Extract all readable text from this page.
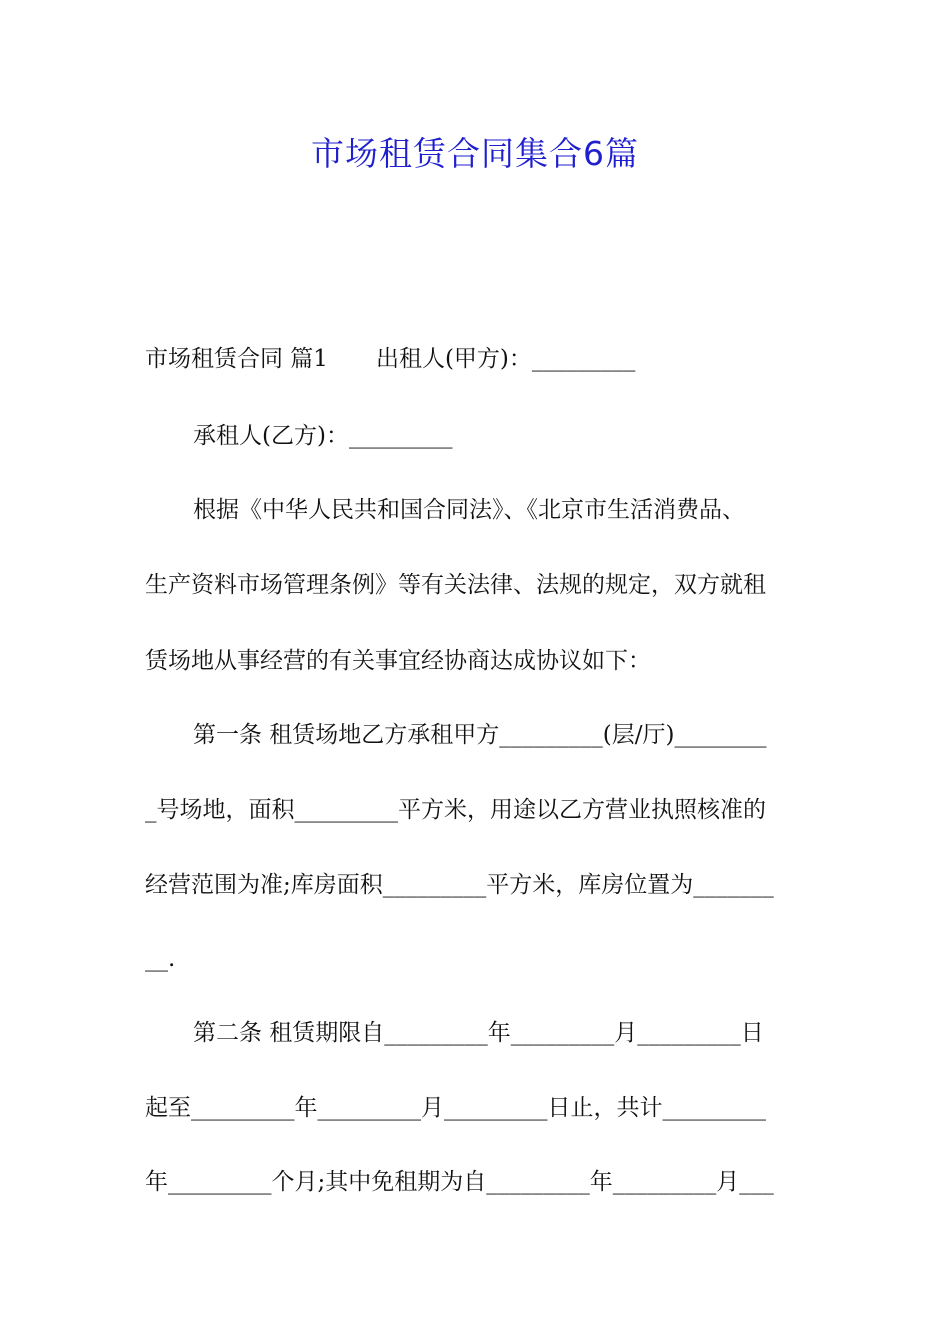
市场租赁合同集合6篇
市场租赁合同 篇1 出租人(甲方)：_________
承租人(乙方)：_________
根据《中华人民共和国合同法》、《北京市生活消费品、
生产资料市场管理条例》等有关法律、法规的规定，双方就租
赁场地从事经营的有关事宜经协商达成协议如下：
第一条 租赁场地乙方承租甲方_________(层/厅)________
_号场地，面积_________平方米，用途以乙方营业执照核准的
经营范围为准;库房面积_________平方米，库房位置为_______
__.
第二条 租赁期限自_________年_________月_________日
起至_________年_________月_________日止，共计_________
年_________个月;其中免租期为自_________年_________月___
